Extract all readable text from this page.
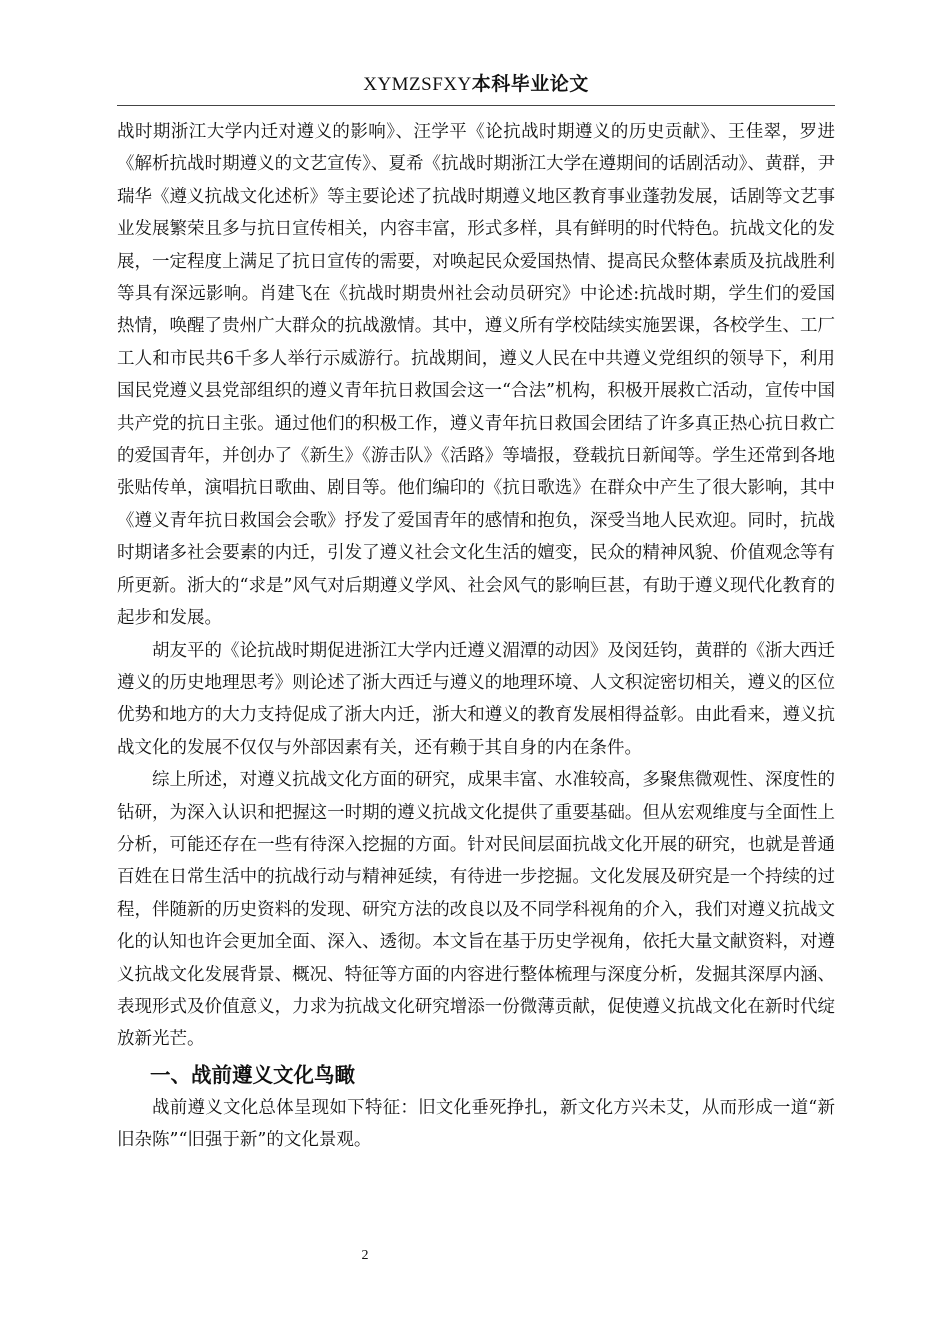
XYMZSFXY本科毕业论文

战时期浙江大学内迁对遵义的影响》、汪学平《论抗战时期遵义的历史贡献》、王佳翠，罗进《解析抗战时期遵义的文艺宣传》、夏希《抗战时期浙江大学在遵期间的话剧活动》、黄群，尹瑞华《遵义抗战文化述析》等主要论述了抗战时期遵义地区教育事业蓬勃发展，话剧等文艺事业发展繁荣且多与抗日宣传相关，内容丰富，形式多样，具有鲜明的时代特色。抗战文化的发展，一定程度上满足了抗日宣传的需要，对唤起民众爱国热情、提高民众整体素质及抗战胜利等具有深远影响。肖建飞在《抗战时期贵州社会动员研究》中论述:抗战时期，学生们的爱国热情，唤醒了贵州广大群众的抗战激情。其中，遵义所有学校陆续实施罢课，各校学生、工厂工人和市民共6千多人举行示威游行。抗战期间，遵义人民在中共遵义党组织的领导下，利用国民党遵义县党部组织的遵义青年抗日救国会这一“合法”机构，积极开展救亡活动，宣传中国共产党的抗日主张。通过他们的积极工作，遵义青年抗日救国会团结了许多真正热心抗日救亡的爱国青年，并创办了《新生》《游击队》《活路》等墙报，登载抗日新闻等。学生还常到各地张贴传单，演唱抗日歌曲、剧目等。他们编印的《抗日歌选》在群众中产生了很大影响，其中《遵义青年抗日救国会会歌》抒发了爱国青年的感情和抱负，深受当地人民欢迎。同时，抗战时期诸多社会要素的内迁，引发了遵义社会文化生活的嬗变，民众的精神风貌、价值观念等有所更新。浙大的“求是”风气对后期遵义学风、社会风气的影响巨甚，有助于遵义现代化教育的起步和发展。

胡友平的《论抗战时期促进浙江大学内迁遵义湄潭的动因》及闵廷钧，黄群的《浙大西迁遵义的历史地理思考》则论述了浙大西迁与遵义的地理环境、人文积淀密切相关，遵义的区位优势和地方的大力支持促成了浙大内迁，浙大和遵义的教育发展相得益彰。由此看来，遵义抗战文化的发展不仅仅与外部因素有关，还有赖于其自身的内在条件。

综上所述，对遵义抗战文化方面的研究，成果丰富、水准较高，多聚焦微观性、深度性的钻研，为深入认识和把握这一时期的遵义抗战文化提供了重要基础。但从宏观维度与全面性上分析，可能还存在一些有待深入挖掘的方面。针对民间层面抗战文化开展的研究，也就是普通百姓在日常生活中的抗战行动与精神延续，有待进一步挖掘。文化发展及研究是一个持续的过程，伴随新的历史资料的发现、研究方法的改良以及不同学科视角的介入，我们对遵义抗战文化的认知也许会更加全面、深入、透彻。本文旨在基于历史学视角，依托大量文献资料，对遵义抗战文化发展背景、概况、特征等方面的内容进行整体梳理与深度分析，发掘其深厚内涵、表现形式及价值意义，力求为抗战文化研究增添一份微薄贡献，促使遵义抗战文化在新时代绽放新光芒。

一、战前遵义文化鸟瞰

战前遵义文化总体呈现如下特征：旧文化垂死挣扎，新文化方兴未艾，从而形成一道“新旧杂陈”“旧强于新”的文化景观。

2
